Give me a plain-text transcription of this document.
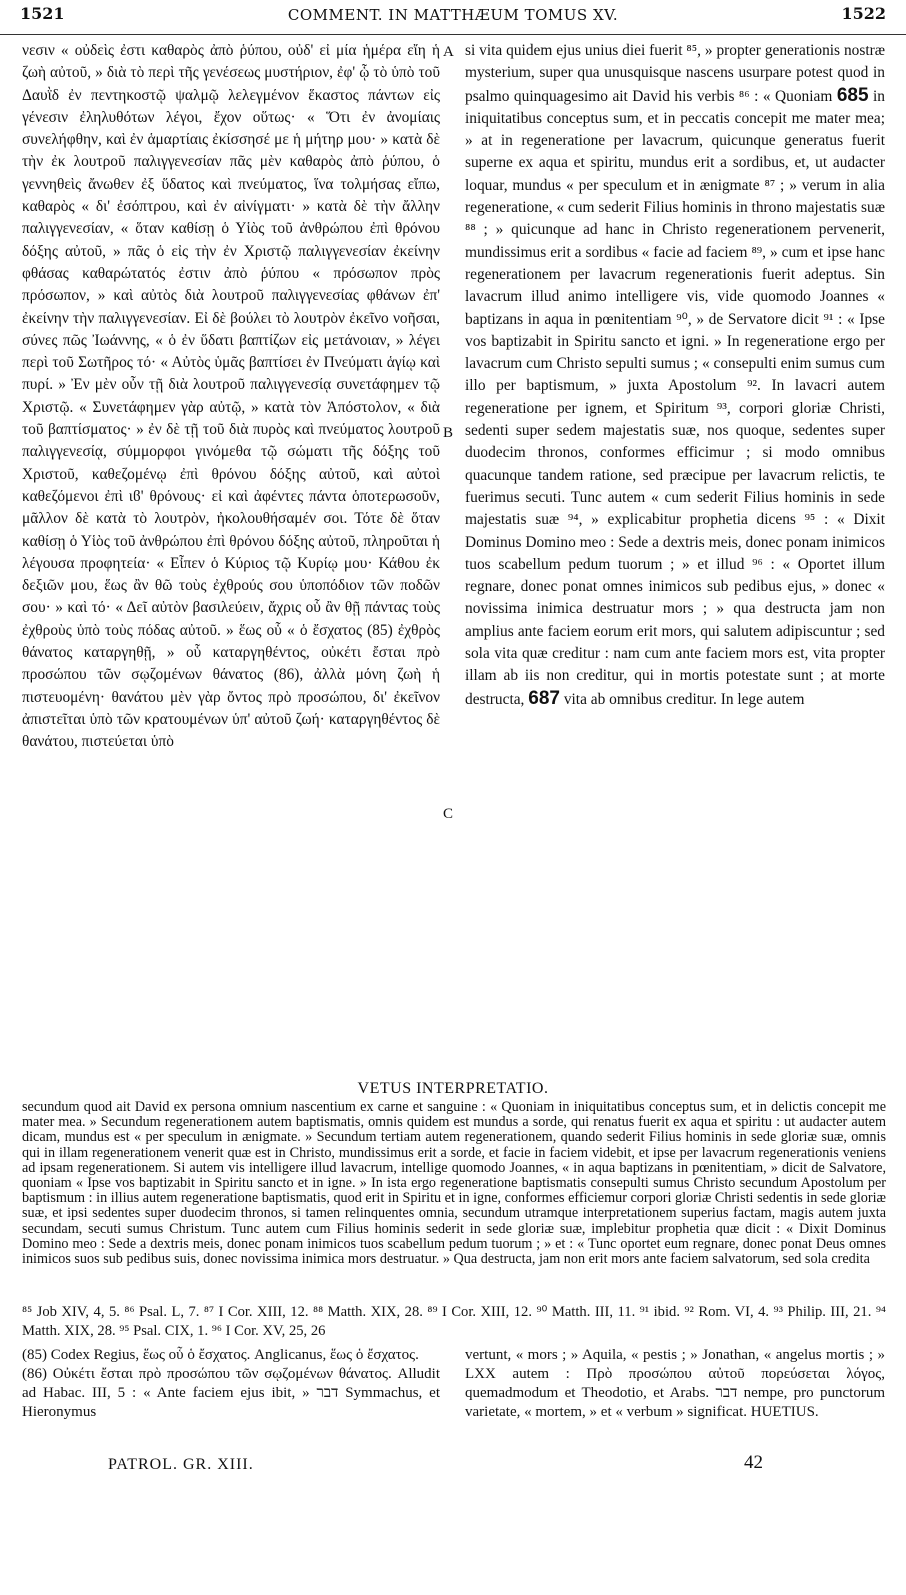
1521	COMMENT. IN MATTHÆUM TOMUS XV.	1522

νεσιν « οὐδεὶς ἐστι καθαρὸς ἀπὸ ῥύπου, οὐδ' εἰ μία ἡμέρα εἴη ἡ ζωὴ αὐτοῦ, » διὰ τὸ περὶ τῆς γενέσεως μυστήριον, ἐφ' ᾧ τὸ ὑπὸ τοῦ Δαυῒδ ἐν πεντηκοστῷ ψαλμῷ λελεγμένον ἕκαστος πάντων εἰς γένεσιν ἐληλυθότων λέγοι, ἔχον οὕτως· « Ὅτι ἐν ἀνομίαις συνελήφθην, καὶ ἐν ἁμαρτίαις ἐκίσσησέ με ἡ μήτηρ μου· » κατὰ δὲ τὴν ἐκ λουτροῦ παλιγγενεσίαν πᾶς μὲν καθαρὸς ἀπὸ ῥύπου, ὁ γεννηθεὶς ἄνωθεν ἐξ ὕδατος καὶ πνεύματος, ἵνα τολμήσας εἴπω, καθαρὸς « δι' ἐσόπτρου, καὶ ἐν αἰνίγματι· » κατὰ δὲ τὴν ἄλλην παλιγγενεσίαν, « ὅταν καθίσῃ ὁ Υἱὸς τοῦ ἀνθρώπου ἐπὶ θρόνου δόξης αὐτοῦ, » πᾶς ὁ εἰς τὴν ἐν Χριστῷ παλιγγενεσίαν ἐκείνην φθάσας καθαρώτατός ἐστιν ἀπὸ ῥύπου « πρόσωπον πρὸς πρόσωπον, » καὶ αὐτὸς διὰ λουτροῦ παλιγγενεσίας φθάνων ἐπ' ἐκείνην τὴν παλιγγενεσίαν. Εἰ δὲ βούλει τὸ λουτρὸν ἐκεῖνο νοῆσαι, σύνες πῶς Ἰωάννης, « ὁ ἐν ὕδατι βαπτίζων εἰς μετάνοιαν, » λέγει περὶ τοῦ Σωτῆρος τό· « Αὐτὸς ὑμᾶς βαπτίσει ἐν Πνεύματι ἁγίῳ καὶ πυρί. » Ἐν μὲν οὖν τῇ διὰ λουτροῦ παλιγγενεσίᾳ συνετάφημεν τῷ Χριστῷ. « Συνετάφημεν γὰρ αὐτῷ, » κατὰ τὸν Ἀπόστολον, « διὰ τοῦ βαπτίσματος· » ἐν δὲ τῇ τοῦ διὰ πυρὸς καὶ πνεύματος λουτροῦ παλιγγενεσίᾳ, σύμμορφοι γινόμεθα τῷ σώματι τῆς δόξης τοῦ Χριστοῦ, καθεζομένῳ ἐπὶ θρόνου δόξης αὐτοῦ, καὶ αὐτοὶ καθεζόμενοι ἐπὶ ιϐ' θρόνους· εἰ καὶ ἀφέντες πάντα ὁποτερωσοῦν, μᾶλλον δὲ κατὰ τὸ λουτρὸν, ἠκολουθήσαμέν σοι. Τότε δὲ ὅταν καθίσῃ ὁ Υἱὸς τοῦ ἀνθρώπου ἐπὶ θρόνου δόξης αὐτοῦ, πληροῦται ἡ λέγουσα προφητεία· « Εἶπεν ὁ Κύριος τῷ Κυρίῳ μου· Κάθου ἐκ δεξιῶν μου, ἕως ἂν θῶ τοὺς ἐχθρούς σου ὑποπόδιον τῶν ποδῶν σου· » καὶ τό· « Δεῖ αὐτὸν βασιλεύειν, ἄχρις οὗ ἂν θῇ πάντας τοὺς ἐχθροὺς ὑπὸ τοὺς πόδας αὐτοῦ. » ἕως οὗ « ὁ ἔσχατος (85) ἐχθρὸς θάνατος καταργηθῇ, » οὗ καταργηθέντος, οὐκέτι ἔσται πρὸ προσώπου τῶν σῳζομένων θάνατος (86), ἀλλὰ μόνη ζωὴ ἡ πιστευομένη· θανάτου μὲν γὰρ ὄντος πρὸ προσώπου, δι' ἐκεῖνον ἀπιστεῖται ὑπὸ τῶν κρατουμένων ὑπ' αὐτοῦ ζωή· καταργηθέντος δὲ θανάτου, πιστεύεται ὑπὸ

A
B
C

si vita quidem ejus unius diei fuerit ⁸⁵, » propter generationis nostræ mysterium, super qua unusquisque nascens usurpare potest quod in psalmo quinquagesimo ait David his verbis ⁸⁶ : « Quoniam 685 in iniquitatibus conceptus sum, et in peccatis concepit me mater mea; » at in regeneratione per lavacrum, quicunque generatus fuerit superne ex aqua et spiritu, mundus erit a sordibus, et, ut audacter loquar, mundus « per speculum et in ænigmate ⁸⁷ ; » verum in alia regeneratione, « cum sederit Filius hominis in throno majestatis suæ ⁸⁸ ; » quicunque ad hanc in Christo regenerationem pervenerit, mundissimus erit a sordibus « facie ad faciem ⁸⁹, » cum et ipse hanc regenerationem per lavacrum regenerationis fuerit adeptus. Sin lavacrum illud animo intelligere vis, vide quomodo Joannes « baptizans in aqua in pœnitentiam ⁹⁰, » de Servatore dicit ⁹¹ : « Ipse vos baptizabit in Spiritu sancto et igni. » In regeneratione ergo per lavacrum cum Christo sepulti sumus ; « consepulti enim sumus cum illo per baptismum, » juxta Apostolum ⁹². In lavacri autem regeneratione per ignem, et Spiritum ⁹³, corpori gloriæ Christi, sedenti super sedem majestatis suæ, nos quoque, sedentes super duodecim thronos, conformes efficimur ; si modo omnibus quacunque tandem ratione, sed præcipue per lavacrum relictis, te fuerimus secuti. Tunc autem « cum sederit Filius hominis in sede majestatis suæ ⁹⁴, » explicabitur prophetia dicens ⁹⁵ : « Dixit Dominus Domino meo : Sede a dextris meis, donec ponam inimicos tuos scabellum pedum tuorum ; » et illud ⁹⁶ : « Oportet illum regnare, donec ponat omnes inimicos sub pedibus ejus, » donec « novissima inimica destruatur mors ; » qua destructa jam non amplius ante faciem eorum erit mors, qui salutem adipiscuntur ; sed sola vita quæ creditur : nam cum ante faciem mors est, vita propter illam ab iis non creditur, qui in mortis potestate sunt ; at morte destructa, 687 vita ab omnibus creditur. In lege autem

VETUS INTERPRETATIO.
secundum quod ait David ex persona omnium nascentium ex carne et sanguine : « Quoniam in iniquitatibus conceptus sum, et in delictis concepit me mater mea. » Secundum regenerationem autem baptismatis, omnis quidem est mundus a sorde, qui renatus fuerit ex aqua et spiritu : ut audacter autem dicam, mundus est « per speculum in ænigmate. » Secundum tertiam autem regenerationem, quando sederit Filius hominis in sede gloriæ suæ, omnis qui in illam regenerationem venerit quæ est in Christo, mundissimus erit a sorde, et facie in faciem videbit, et ipse per lavacrum regenerationis veniens ad ipsam regenerationem. Si autem vis intelligere illud lavacrum, intellige quomodo Joannes, « in aqua baptizans in pœnitentiam, » dicit de Salvatore, quoniam « Ipse vos baptizabit in Spiritu sancto et in igne. » In ista ergo regeneratione baptismatis consepulti sumus Christo secundum Apostolum per baptismum : in illius autem regeneratione baptismatis, quod erit in Spiritu et in igne, conformes efficiemur corpori gloriæ Christi sedentis in sede gloriæ suæ, et ipsi sedentes super duodecim thronos, si tamen relinquentes omnia, secundum utramque interpretationem superius factam, magis autem juxta secundam, secuti sumus Christum. Tunc autem cum Filius hominis sederit in sede gloriæ suæ, implebitur prophetia quæ dicit : « Dixit Dominus Domino meo : Sede a dextris meis, donec ponam inimicos tuos scabellum pedum tuorum ; » et : « Tunc oportet eum regnare, donec ponat Deus omnes inimicos suos sub pedibus suis, donec novissima inimica mors destruatur. » Qua destructa, jam non erit mors ante faciem salvatorum, sed sola credita
⁸⁵ Job XIV, 4, 5. ⁸⁶ Psal. L, 7. ⁸⁷ I Cor. XIII, 12. ⁸⁸ Matth. XIX, 28. ⁸⁹ I Cor. XIII, 12. ⁹⁰ Matth. III, 11. ⁹¹ ibid. ⁹² Rom. VI, 4. ⁹³ Philip. III, 21. ⁹⁴ Matth. XIX, 28. ⁹⁵ Psal. CIX, 1. ⁹⁶ I Cor. XV, 25, 26

(85) Codex Regius, ἕως οὗ ὁ ἔσχατος. Anglicanus, ἕως ὁ ἔσχατος.

(86) Οὐκέτι ἔσται πρὸ προσώπου τῶν σῳζομένων θάνατος. Alludit ad Habac. III, 5 : « Ante faciem ejus ibit, » דבר Symmachus, et Hieronymus

vertunt, « mors ; » Aquila, « pestis ; » Jonathan, « angelus mortis ; » LXX autem : Πρὸ προσώπου αὐτοῦ πορεύσεται λόγος, quemadmodum et Theodotio, et Arabs. דבר nempe, pro punctorum varietate, « mortem, » et « verbum » significat. HUETIUS.

PATROL. GR. XIII.	42
